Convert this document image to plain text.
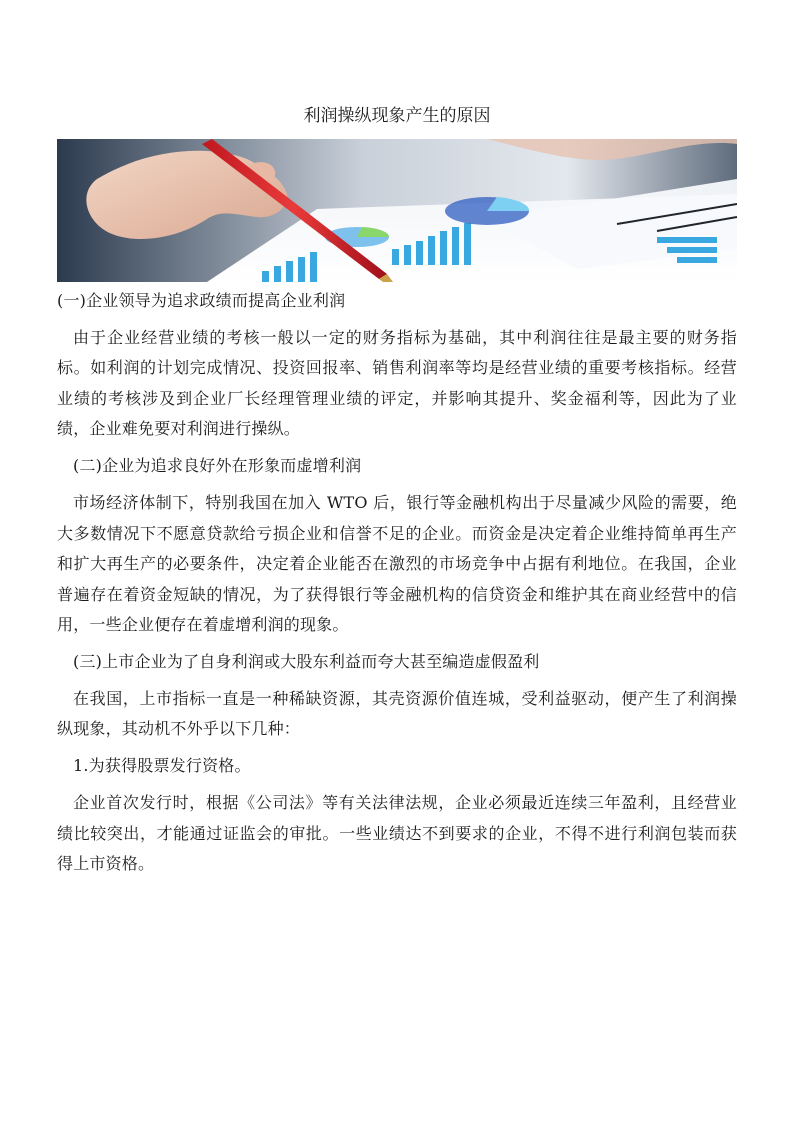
利润操纵现象产生的原因

(一)企业领导为追求政绩而提高企业利润

由于企业经营业绩的考核一般以一定的财务指标为基础，其中利润往往是最主要的财务指标。如利润的计划完成情况、投资回报率、销售利润率等均是经营业绩的重要考核指标。经营业绩的考核涉及到企业厂长经理管理业绩的评定，并影响其提升、奖金福利等，因此为了业绩，企业难免要对利润进行操纵。

(二)企业为追求良好外在形象而虚增利润

市场经济体制下，特别我国在加入 WTO 后，银行等金融机构出于尽量减少风险的需要，绝大多数情况下不愿意贷款给亏损企业和信誉不足的企业。而资金是决定着企业维持简单再生产和扩大再生产的必要条件，决定着企业能否在激烈的市场竞争中占据有利地位。在我国，企业普遍存在着资金短缺的情况，为了获得银行等金融机构的信贷资金和维护其在商业经营中的信用，一些企业便存在着虚增利润的现象。

(三)上市企业为了自身利润或大股东利益而夸大甚至编造虚假盈利

在我国，上市指标一直是一种稀缺资源，其壳资源价值连城，受利益驱动，便产生了利润操纵现象，其动机不外乎以下几种：

1.为获得股票发行资格。

企业首次发行时，根据《公司法》等有关法律法规，企业必须最近连续三年盈利，且经营业绩比较突出，才能通过证监会的审批。一些业绩达不到要求的企业，不得不进行利润包装而获得上市资格。
